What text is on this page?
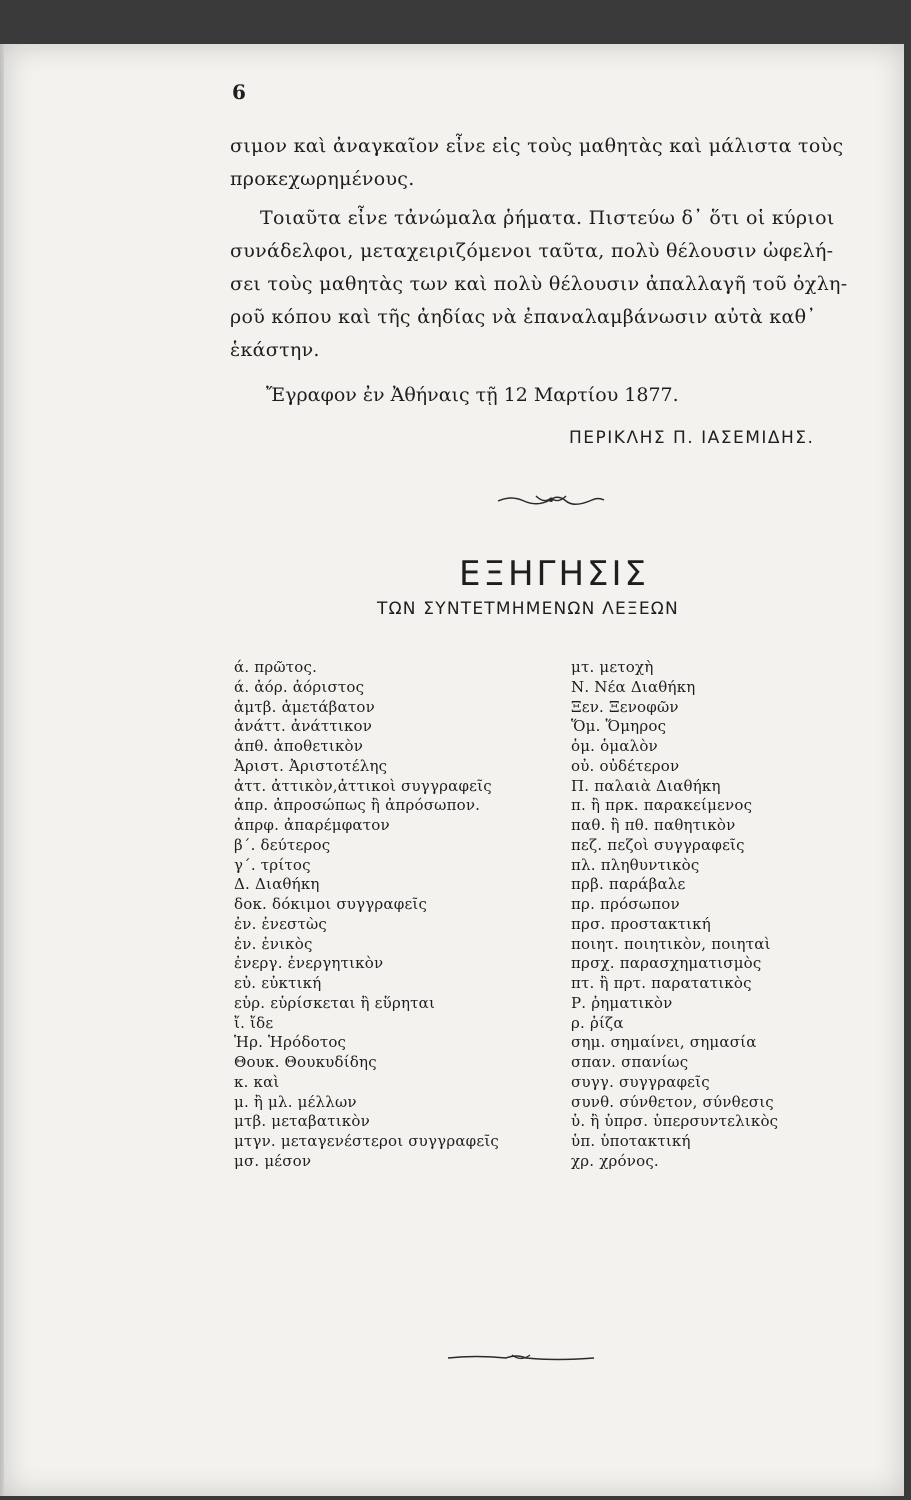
6
σιμον καὶ ἀναγκαῖον εἶνε εἰς τοὺς μαθητὰς καὶ μάλιστα τοὺς
προκεχωρημένους.
Τοιαῦτα εἶνε τἀνώμαλα ῥήματα. Πιστεύω δ᾽ ὅτι οἱ κύριοι
συνάδελφοι, μεταχειριζόμενοι ταῦτα, πολὺ θέλουσιν ὠφελή-
σει τοὺς μαθητὰς των καὶ πολὺ θέλουσιν ἀπαλλαγῆ τοῦ ὀχλη-
ροῦ κόπου καὶ τῆς ἀηδίας νὰ ἐπαναλαμβάνωσιν αὐτὰ καθ᾽
ἑκάστην.
Ἔγραφον ἐν Ἀθήναις τῇ 12 Μαρτίου 1877.
ΠΕΡΙΚΛΗΣ Π. ΙΑΣΕΜΙΔΗΣ.
ΕΞΗΓΗΣΙΣ
ΤΩΝ ΣΥΝΤΕΤΜΗΜΕΝΩΝ ΛΕΞΕΩΝ
ά. πρῶτος.
ά. ἀόρ. ἀόριστος
ἀμτβ. ἀμετάβατον
ἀνάττ. ἀνάττικον
ἀπθ. ἀποθετικὸν
Ἀριστ. Ἀριστοτέλης
ἀττ. ἀττικὸν,ἀττικοὶ συγγραφεῖς
ἀπρ. ἀπροσώπως ἢ ἀπρόσωπον.
ἀπρφ. ἀπαρέμφατον
β΄. δεύτερος
γ΄. τρίτος
Δ. Διαθήκη
δοκ. δόκιμοι συγγραφεῖς
ἐν. ἐνεστὼς
ἐν. ἐνικὸς
ἐνεργ. ἐνεργητικὸν
εὐ. εὐκτική
εὑρ. εὑρίσκεται ἢ εὕρηται
ἴ. ἴδε
Ἡρ. Ἡρόδοτος
Θουκ. Θουκυδίδης
κ. καὶ
μ. ἢ μλ. μέλλων
μτβ. μεταβατικὸν
μτγν. μεταγενέστεροι συγγραφεῖς
μσ. μέσον
μτ. μετοχὴ
Ν. Νέα Διαθήκη
Ξεν. Ξενοφῶν
Ὅμ. Ὅμηρος
ὁμ. ὁμαλὸν
οὐ. οὐδέτερον
Π. παλαιὰ Διαθήκη
π. ἢ πρκ. παρακείμενος
παθ. ἢ πθ. παθητικὸν
πεζ. πεζοὶ συγγραφεῖς
πλ. πληθυντικὸς
πρβ. παράβαλε
πρ. πρόσωπον
πρσ. προστακτική
ποιητ. ποιητικὸν, ποιηταὶ
πρσχ. παρασχηματισμὸς
πτ. ἢ πρτ. παρατατικὸς
Ρ. ῥηματικὸν
ρ. ῥίζα
σημ. σημαίνει, σημασία
σπαν. σπανίως
συγγ. συγγραφεῖς
συνθ. σύνθετον, σύνθεσις
ὑ. ἢ ὑπρσ. ὑπερσυντελικὸς
ὑπ. ὑποτακτική
χρ. χρόνος.
